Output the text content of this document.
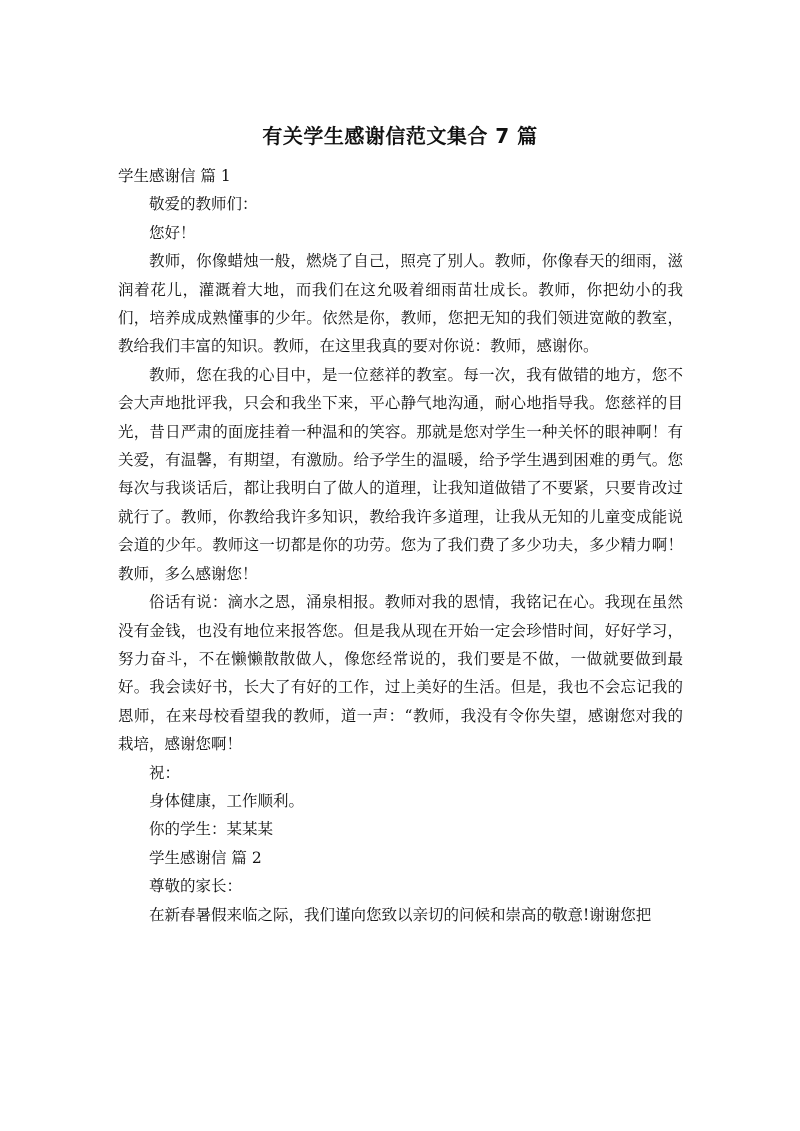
有关学生感谢信范文集合 7 篇

学生感谢信 篇 1

敬爱的教师们：

您好！

教师，你像蜡烛一般，燃烧了自己，照亮了别人。教师，你像春天的细雨，滋润着花儿，灌溉着大地，而我们在这允吸着细雨苗壮成长。教师，你把幼小的我们，培养成成熟懂事的少年。依然是你，教师，您把无知的我们领进宽敞的教室，教给我们丰富的知识。教师，在这里我真的要对你说：教师，感谢你。

教师，您在我的心目中，是一位慈祥的教室。每一次，我有做错的地方，您不会大声地批评我，只会和我坐下来，平心静气地沟通，耐心地指导我。您慈祥的目光，昔日严肃的面庞挂着一种温和的笑容。那就是您对学生一种关怀的眼神啊！有关爱，有温馨，有期望，有激励。给予学生的温暖，给予学生遇到困难的勇气。您每次与我谈话后，都让我明白了做人的道理，让我知道做错了不要紧，只要肯改过就行了。教师，你教给我许多知识，教给我许多道理，让我从无知的儿童变成能说会道的少年。教师这一切都是你的功劳。您为了我们费了多少功夫，多少精力啊！教师，多么感谢您！

俗话有说：滴水之恩，涌泉相报。教师对我的恩情，我铭记在心。我现在虽然没有金钱，也没有地位来报答您。但是我从现在开始一定会珍惜时间，好好学习，努力奋斗，不在懒懒散散做人，像您经常说的，我们要是不做，一做就要做到最好。我会读好书，长大了有好的工作，过上美好的生活。但是，我也不会忘记我的恩师，在来母校看望我的教师，道一声：“教师，我没有令你失望，感谢您对我的栽培，感谢您啊！

祝：

身体健康，工作顺利。

你的学生：某某某

学生感谢信 篇 2

尊敬的家长：

在新春暑假来临之际，我们谨向您致以亲切的问候和崇高的敬意!谢谢您把
